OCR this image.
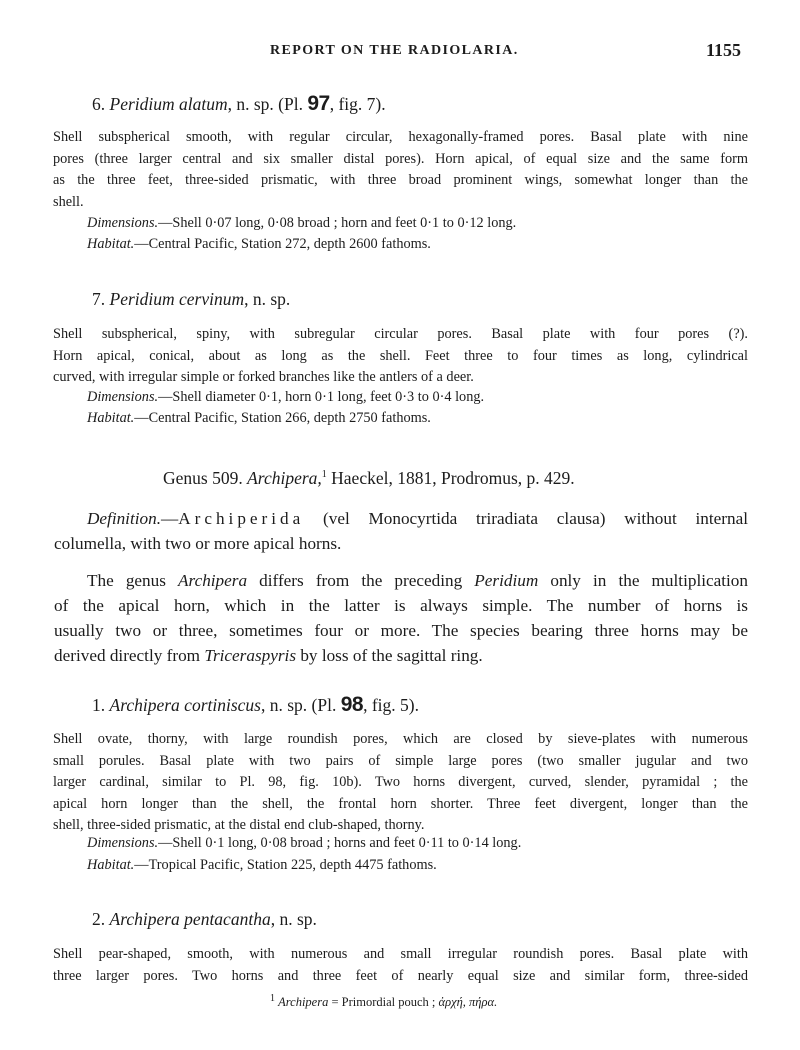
REPORT ON THE RADIOLARIA.	1155
6. Peridium alatum, n. sp. (Pl. 97, fig. 7).
Shell subspherical smooth, with regular circular, hexagonally-framed pores. Basal plate with nine
pores (three larger central and six smaller distal pores). Horn apical, of equal size and the same form
as the three feet, three-sided prismatic, with three broad prominent wings, somewhat longer than the
shell.
Dimensions.—Shell 0·07 long, 0·08 broad ; horn and feet 0·1 to 0·12 long.
Habitat.—Central Pacific, Station 272, depth 2600 fathoms.
7. Peridium cervinum, n. sp.
Shell subspherical, spiny, with subregular circular pores. Basal plate with four pores (?).
Horn apical, conical, about as long as the shell. Feet three to four times as long, cylindrical
curved, with irregular simple or forked branches like the antlers of a deer.
Dimensions.—Shell diameter 0·1, horn 0·1 long, feet 0·3 to 0·4 long.
Habitat.—Central Pacific, Station 266, depth 2750 fathoms.
Genus 509. Archipera,$^1$ Haeckel, 1881, Prodromus, p. 429.
Definition.—Archiperida (vel Monocyrtida triradiata clausa) without internal
columella, with two or more apical horns.
The genus Archipera differs from the preceding Peridium only in the multiplication
of the apical horn, which in the latter is always simple. The number of horns is
usually two or three, sometimes four or more. The species bearing three horns may be
derived directly from Triceraspyris by loss of the sagittal ring.
1. Archipera cortiniscus, n. sp. (Pl. 98, fig. 5).
Shell ovate, thorny, with large roundish pores, which are closed by sieve-plates with numerous
small porules. Basal plate with two pairs of simple large pores (two smaller jugular and two
larger cardinal, similar to Pl. 98, fig. 10b). Two horns divergent, curved, slender, pyramidal ; the
apical horn longer than the shell, the frontal horn shorter. Three feet divergent, longer than the
shell, three-sided prismatic, at the distal end club-shaped, thorny.
Dimensions.—Shell 0·1 long, 0·08 broad ; horns and feet 0·11 to 0·14 long.
Habitat.—Tropical Pacific, Station 225, depth 4475 fathoms.
2. Archipera pentacantha, n. sp.
Shell pear-shaped, smooth, with numerous and small irregular roundish pores. Basal plate with
three larger pores. Two horns and three feet of nearly equal size and similar form, three-sided
$^1$ Archipera = Primordial pouch ; ἀρχή, πήρα.
